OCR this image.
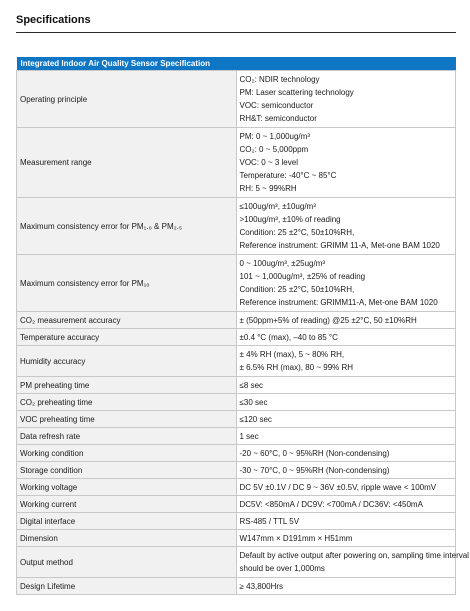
Specifications
Integrated Indoor Air Quality Sensor Specification	
Operating principle	CO₂: NDIR technology
PM: Laser scattering technology
VOC: semiconductor
RH&T: semiconductor

Measurement range	PM: 0 ~ 1,000ug/m³
CO₂: 0 ~ 5,000ppm
VOC: 0 ~ 3 level
Temperature: -40°C ~ 85°C
RH: 5 ~ 99%RH

Maximum consistency error for PM₁.₀ & PM₂.₅	≤100ug/m³, ±10ug/m³
>100ug/m³, ±10% of reading
Condition: 25 ±2°C, 50±10%RH,
Reference instrument: GRIMM 11-A, Met-one BAM 1020

Maximum consistency error for PM₁₀	0 ~ 100ug/m³, ±25ug/m³
101 ~ 1,000ug/m³, ±25% of reading
Condition: 25 ±2°C, 50±10%RH,
Reference instrument: GRIMM11-A, Met-one BAM 1020

CO₂ measurement accuracy	± (50ppm+5% of reading) @25 ±2°C, 50 ±10%RH

Temperature accuracy	±0.4 °C (max), –40 to 85 °C

Humidity accuracy	± 4% RH (max), 5 ~ 80% RH,
± 6.5% RH (max), 80 ~ 99% RH

PM preheating time	≤8 sec

CO₂ preheating time	≤30 sec

VOC preheating time	≤120 sec

Data refresh rate	1 sec

Working condition	-20 ~ 60°C, 0 ~ 95%RH (Non-condensing)

Storage condition	-30 ~ 70°C, 0 ~ 95%RH (Non-condensing)

Working voltage	DC 5V ±0.1V / DC 9 ~ 36V ±0.5V, ripple wave < 100mV

Working current	DC5V: <850mA / DC9V: <700mA / DC36V: <450mA

Digital interface	RS-485 / TTL 5V

Dimension	W147mm × D191mm × H51mm

Output method	Default by active output after powering on, sampling time interval
should be over 1,000ms

Design Lifetime	≥ 43,800Hrs
